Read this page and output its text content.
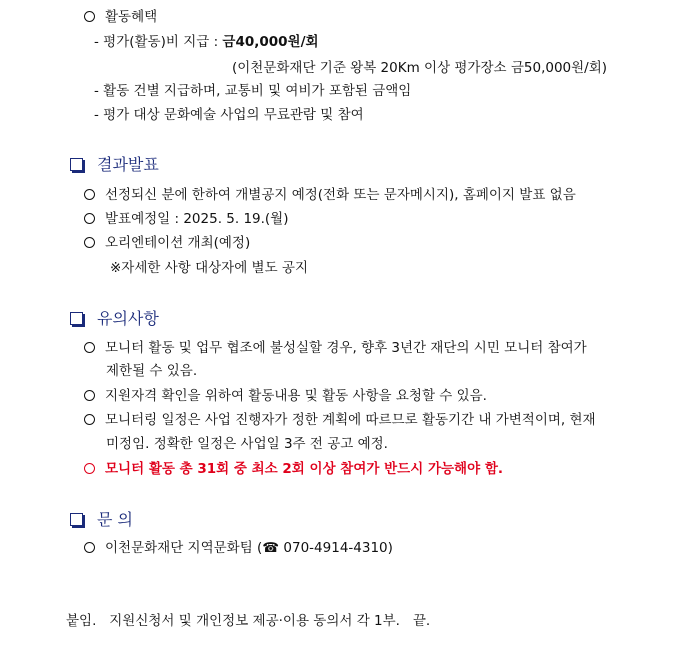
활동혜택
- 평가(활동)비 지급 : 금40,000원/회
(이천문화재단 기준 왕복 20Km 이상 평가장소 금50,000원/회)
- 활동 건별 지급하며, 교통비 및 여비가 포함된 금액임
- 평가 대상 문화예술 사업의 무료관람 및 참여
결과발표
선정되신 분에 한하여 개별공지 예정(전화 또는 문자메시지), 홈페이지 발표 없음
발표예정일 : 2025. 5. 19.(월)
오리엔테이션 개최(예정)
※자세한 사항 대상자에 별도 공지
유의사항
모니터 활동 및 업무 협조에 불성실할 경우, 향후 3년간 재단의 시민 모니터 참여가
제한될 수 있음.
지원자격 확인을 위하여 활동내용 및 활동 사항을 요청할 수 있음.
모니터링 일정은 사업 진행자가 정한 계획에 따르므로 활동기간 내 가변적이며, 현재
미정임. 정확한 일정은 사업일 3주 전 공고 예정.
모니터 활동 총 31회 중 최소 2회 이상 참여가 반드시 가능해야 함.
문 의
이천문화재단 지역문화팀 (☎ 070-4914-4310)
붙임.   지원신청서 및 개인정보 제공·이용 동의서 각 1부.   끝.
